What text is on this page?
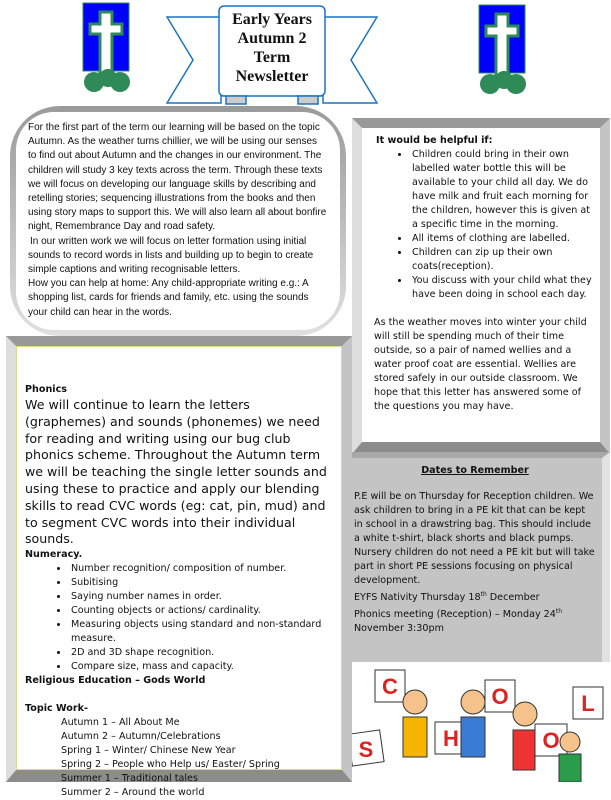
Early Years
Autumn 2
Term
Newsletter

For the first part of the term our learning will be based on the topic Autumn. As the weather turns chillier, we will be using our senses to find out about Autumn and the changes in our environment. The children will study 3 key texts across the term. Through these texts we will focus on developing our language skills by describing and retelling stories; sequencing illustrations from the books and then using story maps to support this. We will also learn all about bonfire night, Remembrance Day and road safety.

In our written work we will focus on letter formation using initial sounds to record words in lists and building up to begin to create simple captions and writing recognisable letters.

How you can help at home: Any child-appropriate writing e.g.: A shopping list, cards for friends and family, etc. using the sounds your child can hear in the words.

It would be helpful if:
• Children could bring in their own labelled water bottle this will be available to your child all day. We do have milk and fruit each morning for the children, however this is given at a specific time in the morning.
• All items of clothing are labelled.
• Children can zip up their own coats(reception).
• You discuss with your child what they have been doing in school each day.

As the weather moves into winter your child will still be spending much of their time outside, so a pair of named wellies and a water proof coat are essential. Wellies are stored safely in our outside classroom. We hope that this letter has answered some of the questions you may have.

Phonics

We will continue to learn the letters (graphemes) and sounds (phonemes) we need for reading and writing using our bug club phonics scheme. Throughout the Autumn term we will be teaching the single letter sounds and using these to practice and apply our blending skills to read CVC words (eg: cat, pin, mud) and to segment CVC words into their individual sounds.

Numeracy.
• Number recognition/ composition of number.
• Subitising
• Saying number names in order.
• Counting objects or actions/ cardinality.
• Measuring objects using standard and non-standard measure.
• 2D and 3D shape recognition.
• Compare size, mass and capacity.
Religious Education – Gods World
Topic Work-
Autumn 1 – All About Me
Autumn 2 – Autumn/Celebrations
Spring 1 – Winter/ Chinese New Year
Spring 2 – People who Help us/ Easter/ Spring
Summer 1 – Traditional tales
Summer 2 – Around the world
Dates to Remember

P.E will be on Thursday for Reception children. We ask children to bring in a PE kit that can be kept in school in a drawstring bag. This should include a white t-shirt, black shorts and black pumps.

Nursery children do not need a PE kit but will take part in short PE sessions focusing on physical development.

EYFS Nativity Thursday 18th December

Phonics meeting (Reception) – Monday 24th November 3:30pm

S
C
H
O
O
L
